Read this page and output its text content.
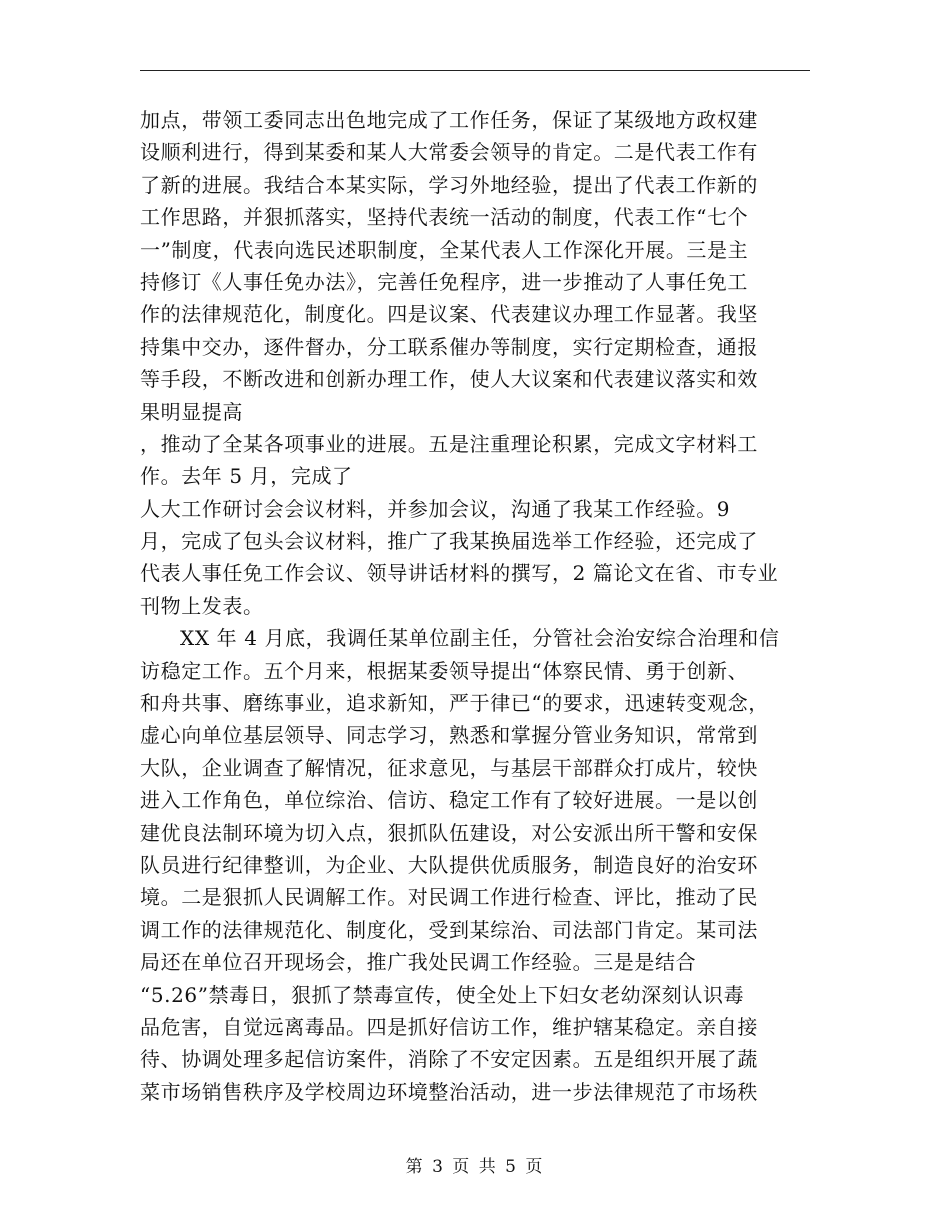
加点，带领工委同志出色地完成了工作任务，保证了某级地方政权建
设顺利进行，得到某委和某人大常委会领导的肯定。二是代表工作有
了新的进展。我结合本某实际，学习外地经验，提出了代表工作新的
工作思路，并狠抓落实，坚持代表统一活动的制度，代表工作“七个
一”制度，代表向选民述职制度，全某代表人工作深化开展。三是主
持修订《人事任免办法》，完善任免程序，进一步推动了人事任免工
作的法律规范化，制度化。四是议案、代表建议办理工作显著。我坚
持集中交办，逐件督办，分工联系催办等制度，实行定期检查，通报
等手段，不断改进和创新办理工作，使人大议案和代表建议落实和效
果明显提高
，推动了全某各项事业的进展。五是注重理论积累，完成文字材料工
作。去年 5 月，完成了
人大工作研讨会会议材料，并参加会议，沟通了我某工作经验。9
月，完成了包头会议材料，推广了我某换届选举工作经验，还完成了
代表人事任免工作会议、领导讲话材料的撰写，2 篇论文在省、市专业
刊物上发表。
XX 年 4 月底，我调任某单位副主任，分管社会治安综合治理和信
访稳定工作。五个月来，根据某委领导提出“体察民情、勇于创新、
和舟共事、磨练事业，追求新知，严于律已“的要求，迅速转变观念，
虚心向单位基层领导、同志学习，熟悉和掌握分管业务知识，常常到
大队，企业调查了解情况，征求意见，与基层干部群众打成片，较快
进入工作角色，单位综治、信访、稳定工作有了较好进展。一是以创
建优良法制环境为切入点，狠抓队伍建设，对公安派出所干警和安保
队员进行纪律整训，为企业、大队提供优质服务，制造良好的治安环
境。二是狠抓人民调解工作。对民调工作进行检查、评比，推动了民
调工作的法律规范化、制度化，受到某综治、司法部门肯定。某司法
局还在单位召开现场会，推广我处民调工作经验。三是是结合
“5.26”禁毒日，狠抓了禁毒宣传，使全处上下妇女老幼深刻认识毒
品危害，自觉远离毒品。四是抓好信访工作，维护辖某稳定。亲自接
待、协调处理多起信访案件，消除了不安定因素。五是组织开展了蔬
菜市场销售秩序及学校周边环境整治活动，进一步法律规范了市场秩
第 3 页 共 5 页
